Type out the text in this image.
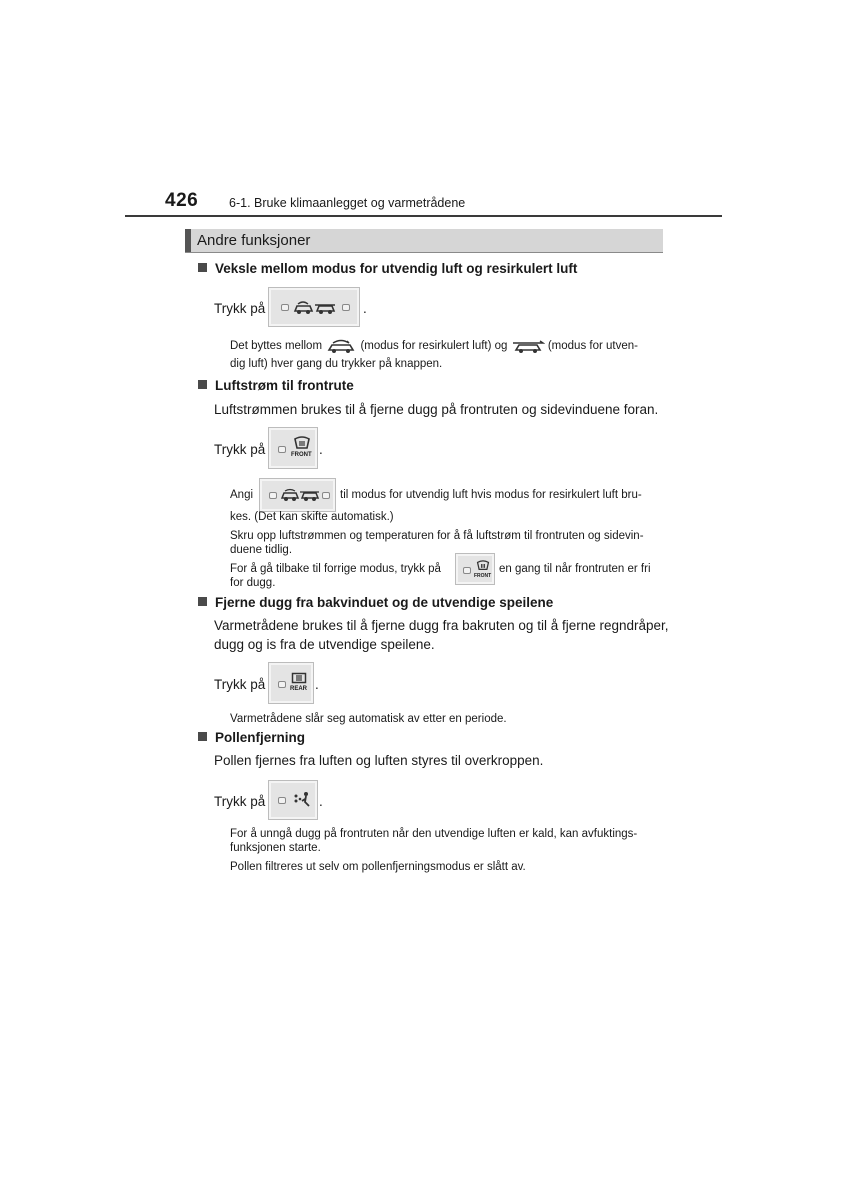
426 6-1. Bruke klimaanlegget og varmetrådene
Andre funksjoner
Veksle mellom modus for utvendig luft og resirkulert luft
Trykk på	.
Det byttes mellom	(modus for resirkulert luft) og	(modus for utven-
dig luft) hver gang du trykker på knappen.
Luftstrøm til frontrute
Luftstrømmen brukes til å fjerne dugg på frontruten og sidevinduene foran.
Trykk på	FRONT .
Angi	til modus for utvendig luft hvis modus for resirkulert luft bru-
kes. (Det kan skifte automatisk.)
Skru opp luftstrømmen og temperaturen for å få luftstrøm til frontruten og sidevin-
duene tidlig.
For å gå tilbake til forrige modus, trykk på
FRONT
en gang til når frontruten er fri
for dugg.
Fjerne dugg fra bakvinduet og de utvendige speilene
Varmetrådene brukes til å fjerne dugg fra bakruten og til å fjerne regndråper,
dugg og is fra de utvendige speilene.
Trykk på	REAR .
Varmetrådene slår seg automatisk av etter en periode.
Pollenfjerning
Pollen fjernes fra luften og luften styres til overkroppen.
Trykk på	.
For å unngå dugg på frontruten når den utvendige luften er kald, kan avfuktings-
funksjonen starte.
Pollen filtreres ut selv om pollenfjerningsmodus er slått av.
